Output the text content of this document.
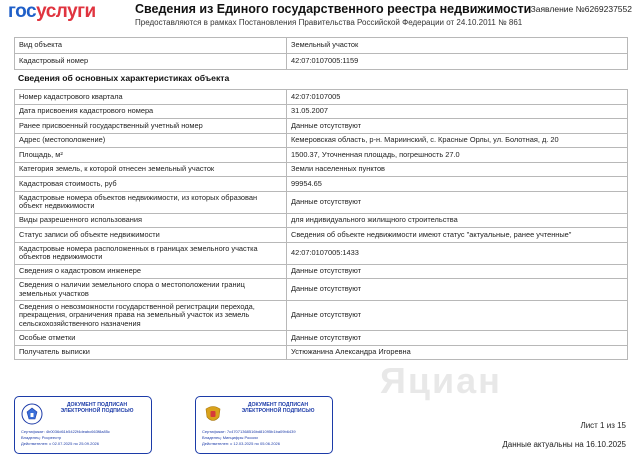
госуслуги	Сведения из Единого государственного реестра недвижимости
Предоставляются в рамках Постановления Правительства Российской Федерации от 24.10.2011 № 861
Заявление №6269237552
Вид объекта	Земельный участок
Кадастровый номер	42:07:0107005:1159
Сведения об основных характеристиках объекта
Номер кадастрового квартала	42:07:0107005
Дата присвоения кадастрового номера	31.05.2007
Ранее присвоенный государственный учетный номер	Данные отсутствуют
Адрес (местоположение)	Кемеровская область, р-н. Мариинский, с. Красные Орлы, ул. Болотная, д. 20
Площадь, м²	1500.37, Уточненная площадь, погрешность 27.0
Категория земель, к которой отнесен земельный участок	Земли населенных пунктов
Кадастровая стоимость, руб	99954.65
Кадастровые номера объектов недвижимости, из которых образован объект недвижимости	Данные отсутствуют
Виды разрешенного использования	для индивидуального жилищного строительства
Статус записи об объекте недвижимости	Сведения об объекте недвижимости имеют статус "актуальные, ранее учтенные"
Кадастровые номера расположенных в границах земельного участка объектов недвижимости	42:07:0107005:1433
Сведения о кадастровом инженере	Данные отсутствуют
Сведения о наличии земельного спора о местоположении границ земельных участков	Данные отсутствуют
Сведения о невозможности государственной регистрации перехода, прекращения, ограничения права на земельный участок из земель сельскохозяйственного назначения	Данные отсутствуют
Особые отметки	Данные отсутствуют
Получатель выписки	Устюжанина Александра Игоревна
Яциан
ДОКУМЕНТ ПОДПИСАН ЭЛЕКТРОННОЙ ПОДПИСЬЮ
Сертификат: 4b0036d61b5422f4deabc663f8a85c
Владелец: Росреестр
Действителен: с 02.07.2025 по 25.09.2026
ДОКУМЕНТ ПОДПИСАН ЭЛЕКТРОННОЙ ПОДПИСЬЮ
Сертификат: 7c47071368516bd81095b1ba09b6439
Владелец: Минцифры России
Действителен: с 12.03.2025 по 05.06.2026
Лист 1 из 15
Данные актуальны на 16.10.2025
